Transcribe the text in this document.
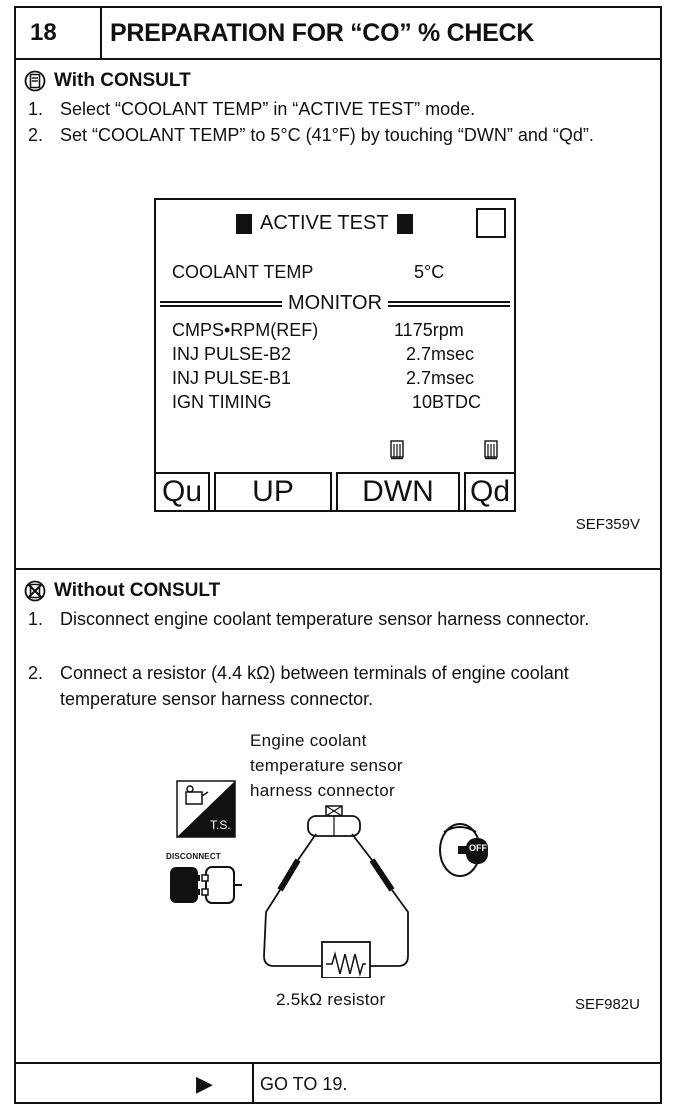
18	PREPARATION FOR “CO” % CHECK
With CONSULT
1. Select “COOLANT TEMP” in “ACTIVE TEST” mode.
2. Set “COOLANT TEMP” to 5°C (41°F) by touching “DWN” and “Qd”.
ACTIVE TEST
COOLANT TEMP	5°C
MONITOR
CMPS•RPM(REF)	1175rpm
INJ PULSE-B2	2.7msec
INJ PULSE-B1	2.7msec
IGN TIMING	10BTDC
Qu	UP	DWN	Qd
SEF359V
Without CONSULT
1. Disconnect engine coolant temperature sensor harness connector.
2. Connect a resistor (4.4 kΩ) between terminals of engine coolant temperature sensor harness connector.
Engine coolant
temperature sensor
harness connector
T.S.
DISCONNECT
OFF
2.5kΩ resistor	SEF982U
▶	GO TO 19.
